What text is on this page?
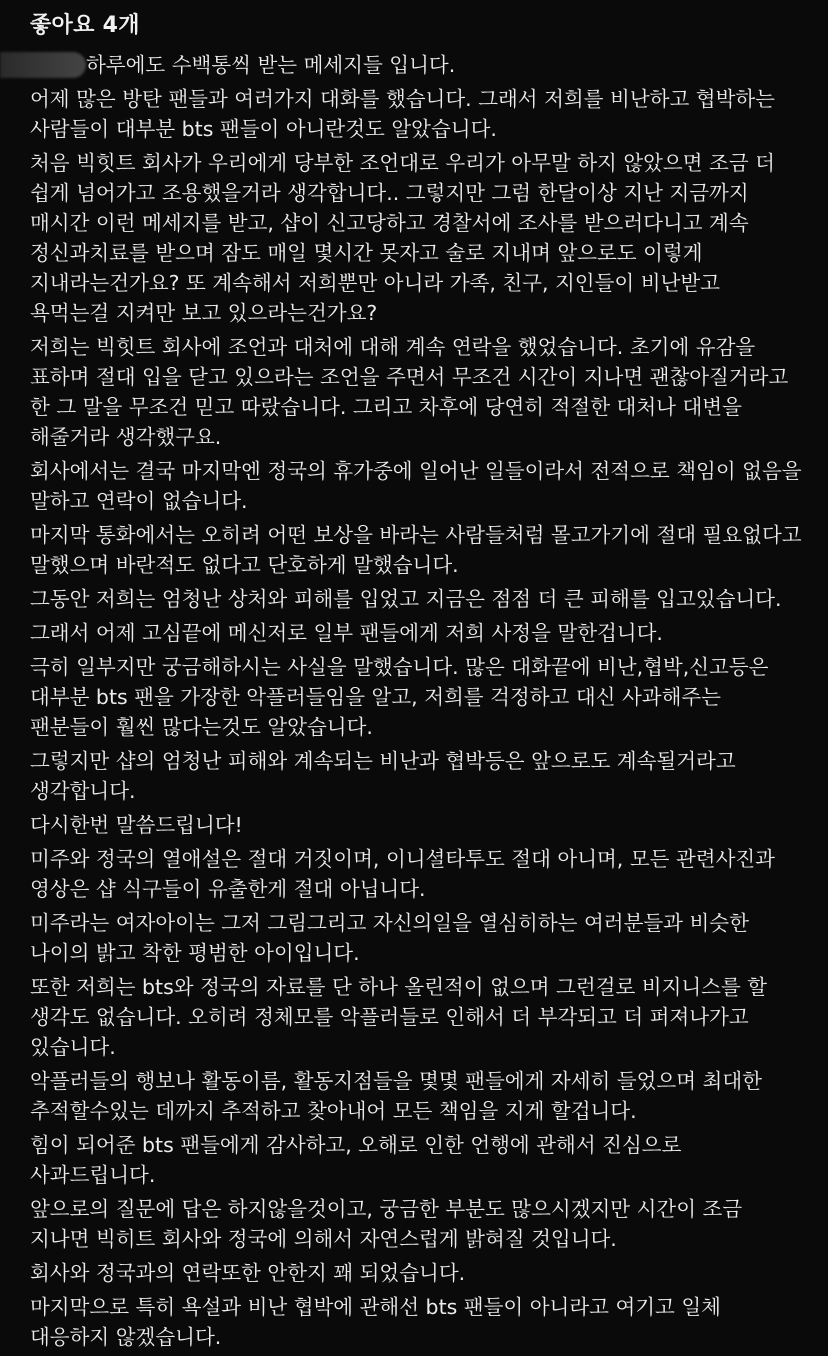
좋아요 4개
하루에도 수백통씩 받는 메세지들 입니다.
어제 많은 방탄 팬들과 여러가지 대화를 했습니다. 그래서 저희를 비난하고 협박하는 사람들이 대부분 bts 팬들이 아니란것도 알았습니다.
처음 빅힛트 회사가 우리에게 당부한 조언대로 우리가 아무말 하지 않았으면 조금 더 쉽게 넘어가고 조용했을거라 생각합니다.. 그렇지만 그럼 한달이상 지난 지금까지 매시간 이런 메세지를 받고, 샵이 신고당하고 경찰서에 조사를 받으러다니고 계속 정신과치료를 받으며 잠도 매일 몇시간 못자고 술로 지내며 앞으로도 이렇게 지내라는건가요? 또 계속해서 저희뿐만 아니라 가족, 친구, 지인들이 비난받고 욕먹는걸 지켜만 보고 있으라는건가요?
저희는 빅힛트 회사에 조언과 대처에 대해 계속 연락을 했었습니다. 초기에 유감을 표하며 절대 입을 닫고 있으라는 조언을 주면서 무조건 시간이 지나면 괜찮아질거라고 한 그 말을 무조건 믿고 따랐습니다. 그리고 차후에 당연히 적절한 대처나 대변을 해줄거라 생각했구요.
회사에서는 결국 마지막엔 정국의 휴가중에 일어난 일들이라서 전적으로 책임이 없음을 말하고 연락이 없습니다.
마지막 통화에서는 오히려 어떤 보상을 바라는 사람들처럼 몰고가기에 절대 필요없다고 말했으며 바란적도 없다고 단호하게 말했습니다.
그동안 저희는 엄청난 상처와 피해를 입었고 지금은 점점 더 큰 피해를 입고있습니다.
그래서 어제 고심끝에 메신저로 일부 팬들에게 저희 사정을 말한겁니다.
극히 일부지만 궁금해하시는 사실을 말했습니다. 많은 대화끝에 비난,협박,신고등은 대부분 bts 팬을 가장한 악플러들임을 알고, 저희를 걱정하고 대신 사과해주는 팬분들이 훨씬 많다는것도 알았습니다.
그렇지만 샵의 엄청난 피해와 계속되는 비난과 협박등은 앞으로도 계속될거라고 생각합니다.
다시한번 말씀드립니다!
미주와 정국의 열애설은 절대 거짓이며, 이니셜타투도 절대 아니며, 모든 관련사진과 영상은 샵 식구들이 유출한게 절대 아닙니다.
미주라는 여자아이는 그저 그림그리고 자신의일을 열심히하는 여러분들과 비슷한 나이의 밝고 착한 평범한 아이입니다.
또한 저희는 bts와 정국의 자료를 단 하나 올린적이 없으며 그런걸로 비지니스를 할 생각도 없습니다. 오히려 정체모를 악플러들로 인해서 더 부각되고 더 퍼져나가고 있습니다.
악플러들의 행보나 활동이름, 활동지점들을 몇몇 팬들에게 자세히 들었으며 최대한 추적할수있는 데까지 추적하고 찾아내어 모든 책임을 지게 할겁니다.
힘이 되어준 bts 팬들에게 감사하고, 오해로 인한 언행에 관해서 진심으로 사과드립니다.
앞으로의 질문에 답은 하지않을것이고, 궁금한 부분도 많으시겠지만 시간이 조금 지나면 빅히트 회사와 정국에 의해서 자연스럽게 밝혀질 것입니다.
회사와 정국과의 연락또한 안한지 꽤 되었습니다.
마지막으로 특히 욕설과 비난 협박에 관해선 bts 팬들이 아니라고 여기고 일체 대응하지 않겠습니다.
